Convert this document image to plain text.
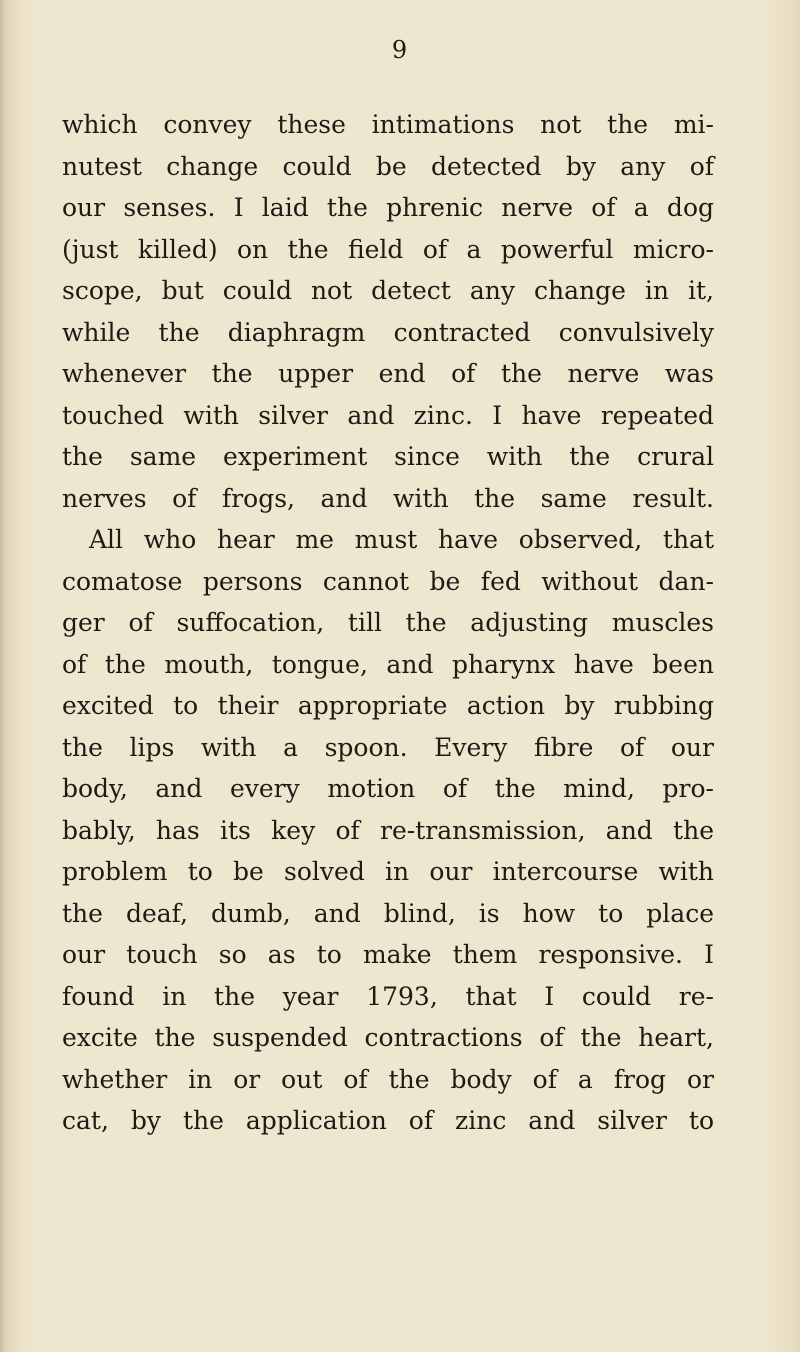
9

which convey these intimations not the mi-
nutest change could be detected by any of
our senses. I laid the phrenic nerve of a dog
(just killed) on the field of a powerful micro-
scope, but could not detect any change in it,
while the diaphragm contracted convulsively
whenever the upper end of the nerve was
touched with silver and zinc. I have repeated
the same experiment since with the crural
nerves of frogs, and with the same result.
All who hear me must have observed, that
comatose persons cannot be fed without dan-
ger of suffocation, till the adjusting muscles
of the mouth, tongue, and pharynx have been
excited to their appropriate action by rubbing
the lips with a spoon. Every fibre of our
body, and every motion of the mind, pro-
bably, has its key of re-transmission, and the
problem to be solved in our intercourse with
the deaf, dumb, and blind, is how to place
our touch so as to make them responsive. I
found in the year 1793, that I could re-
excite the suspended contractions of the heart,
whether in or out of the body of a frog or
cat, by the application of zinc and silver to
